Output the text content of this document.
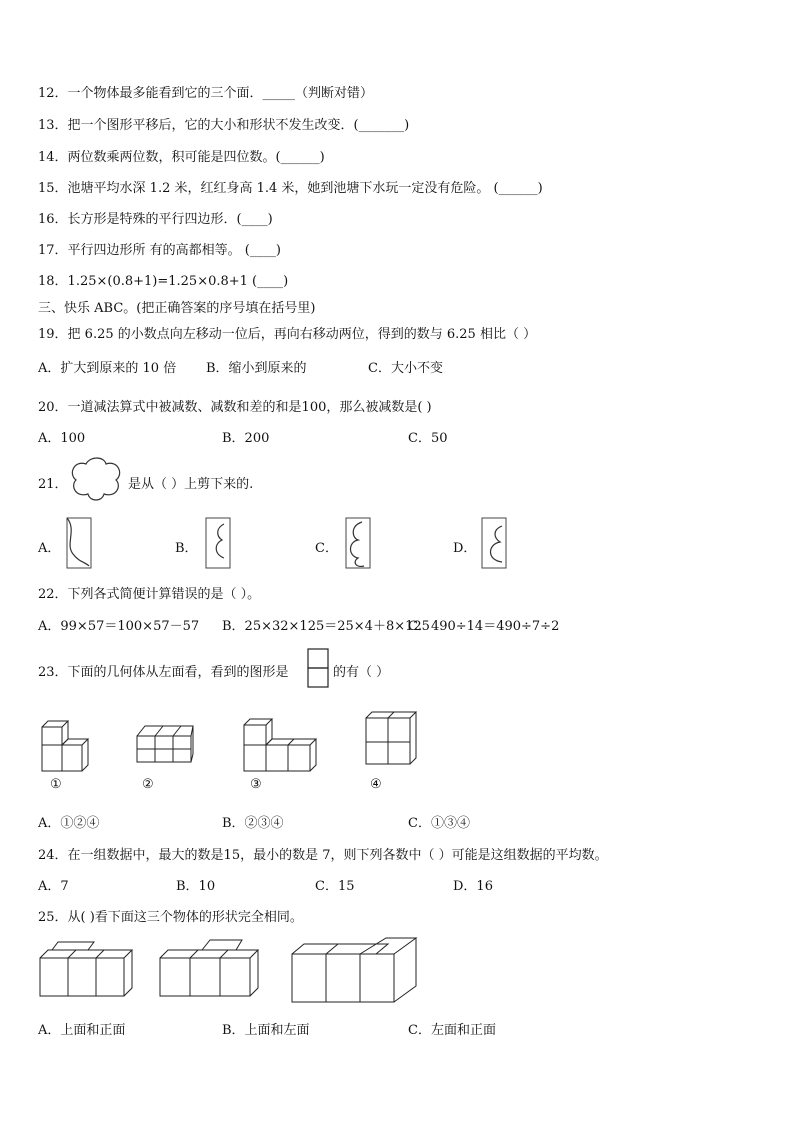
12．一个物体最多能看到它的三个面．_____（判断对错）
13．把一个图形平移后，它的大小和形状不发生改变．(_______)
14．两位数乘两位数，积可能是四位数。(______)
15．池塘平均水深 1.2 米，红红身高 1.4 米，她到池塘下水玩一定没有危险。 (______)
16．长方形是特殊的平行四边形．(____)
17．平行四边形所 有的高都相等。 (____)
18．1.25×(0.8+1)=1.25×0.8+1 (____)
三、快乐 ABC。(把正确答案的序号填在括号里)
19．把 6.25 的小数点向左移动一位后，再向右移动两位，得到的数与 6.25 相比（ ）
A．扩大到原来的 10 倍 B．缩小到原来的	C．大小不变
20．一道减法算式中被减数、减数和差的和是100，那么被减数是( )
A．100	B．200	C．50
21．	是从（ ）上剪下来的.
A．	B．	C．	D．
22．下列各式简便计算错误的是（ ）。
A．99×57＝100×57－57 B．25×32×125＝25×4＋8×125
C．490÷14＝490÷7÷2
23．下面的几何体从左面看，看到的图形是	的有（ ）
①	②	③	④
A．①②④	B．②③④	C．①③④
24．在一组数据中，最大的数是15，最小的数是 7，则下列各数中（ ）可能是这组数据的平均数。
A．7	B．10	C．15	D．16
25．从( )看下面这三个物体的形状完全相同。
A．上面和正面	B．上面和左面	C．左面和正面
